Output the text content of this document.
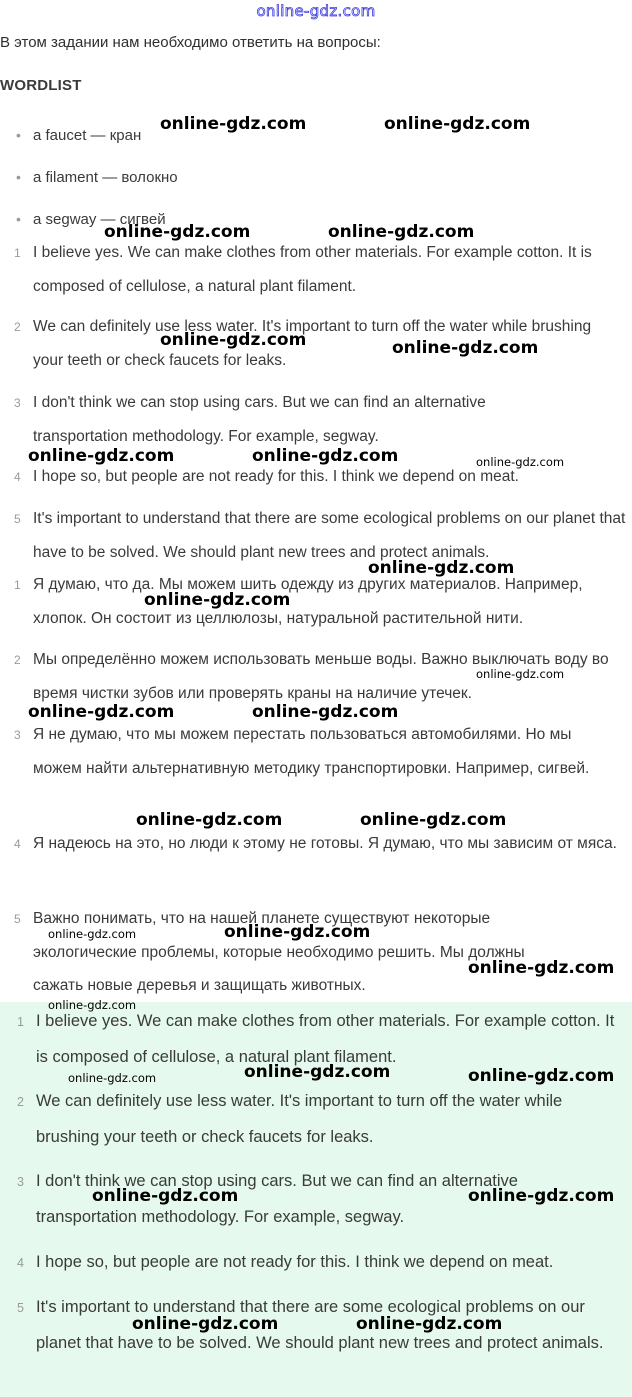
online-gdz.com
В этом задании нам необходимо ответить на вопросы:
WORDLIST
• a faucet — кран
• a filament — волокно
• a segway — сигвей
1 I believe yes. We can make clothes from other materials. For example cotton. It is composed of cellulose, a natural plant filament.
2 We can definitely use less water. It's important to turn off the water while brushing your teeth or check faucets for leaks.
3 I don't think we can stop using cars. But we can find an alternative transportation methodology. For example, segway.
4 I hope so, but people are not ready for this. I think we depend on meat.
5 It's important to understand that there are some ecological problems on our planet that have to be solved. We should plant new trees and protect animals.
1 Я думаю, что да. Мы можем шить одежду из других материалов. Например, хлопок. Он состоит из целлюлозы, натуральной растительной нити.
2 Мы определённо можем использовать меньше воды. Важно выключать воду во время чистки зубов или проверять краны на наличие утечек.
3 Я не думаю, что мы можем перестать пользоваться автомобилями. Но мы можем найти альтернативную методику транспортировки. Например, сигвей.
4 Я надеюсь на это, но люди к этому не готовы. Я думаю, что мы зависим от мяса.
5 Важно понимать, что на нашей планете существуют некоторые экологические проблемы, которые необходимо решить. Мы должны сажать новые деревья и защищать животных.
1 I believe yes. We can make clothes from other materials. For example cotton. It is composed of cellulose, a natural plant filament.
2 We can definitely use less water. It's important to turn off the water while brushing your teeth or check faucets for leaks.
3 I don't think we can stop using cars. But we can find an alternative transportation methodology. For example, segway.
4 I hope so, but people are not ready for this. I think we depend on meat.
5 It's important to understand that there are some ecological problems on our planet that have to be solved. We should plant new trees and protect animals.
online-gdz.com	online-gdz.com
online-gdz.com	online-gdz.com
online-gdz.com	online-gdz.com
online-gdz.com	online-gdz.com	online-gdz.com
online-gdz.com
online-gdz.com
online-gdz.com
online-gdz.com	online-gdz.com
online-gdz.com	online-gdz.com
online-gdz.com	online-gdz.com
online-gdz.com
online-gdz.com
online-gdz.com	online-gdz.com	online-gdz.com
online-gdz.com	online-gdz.com
online-gdz.com	online-gdz.com
